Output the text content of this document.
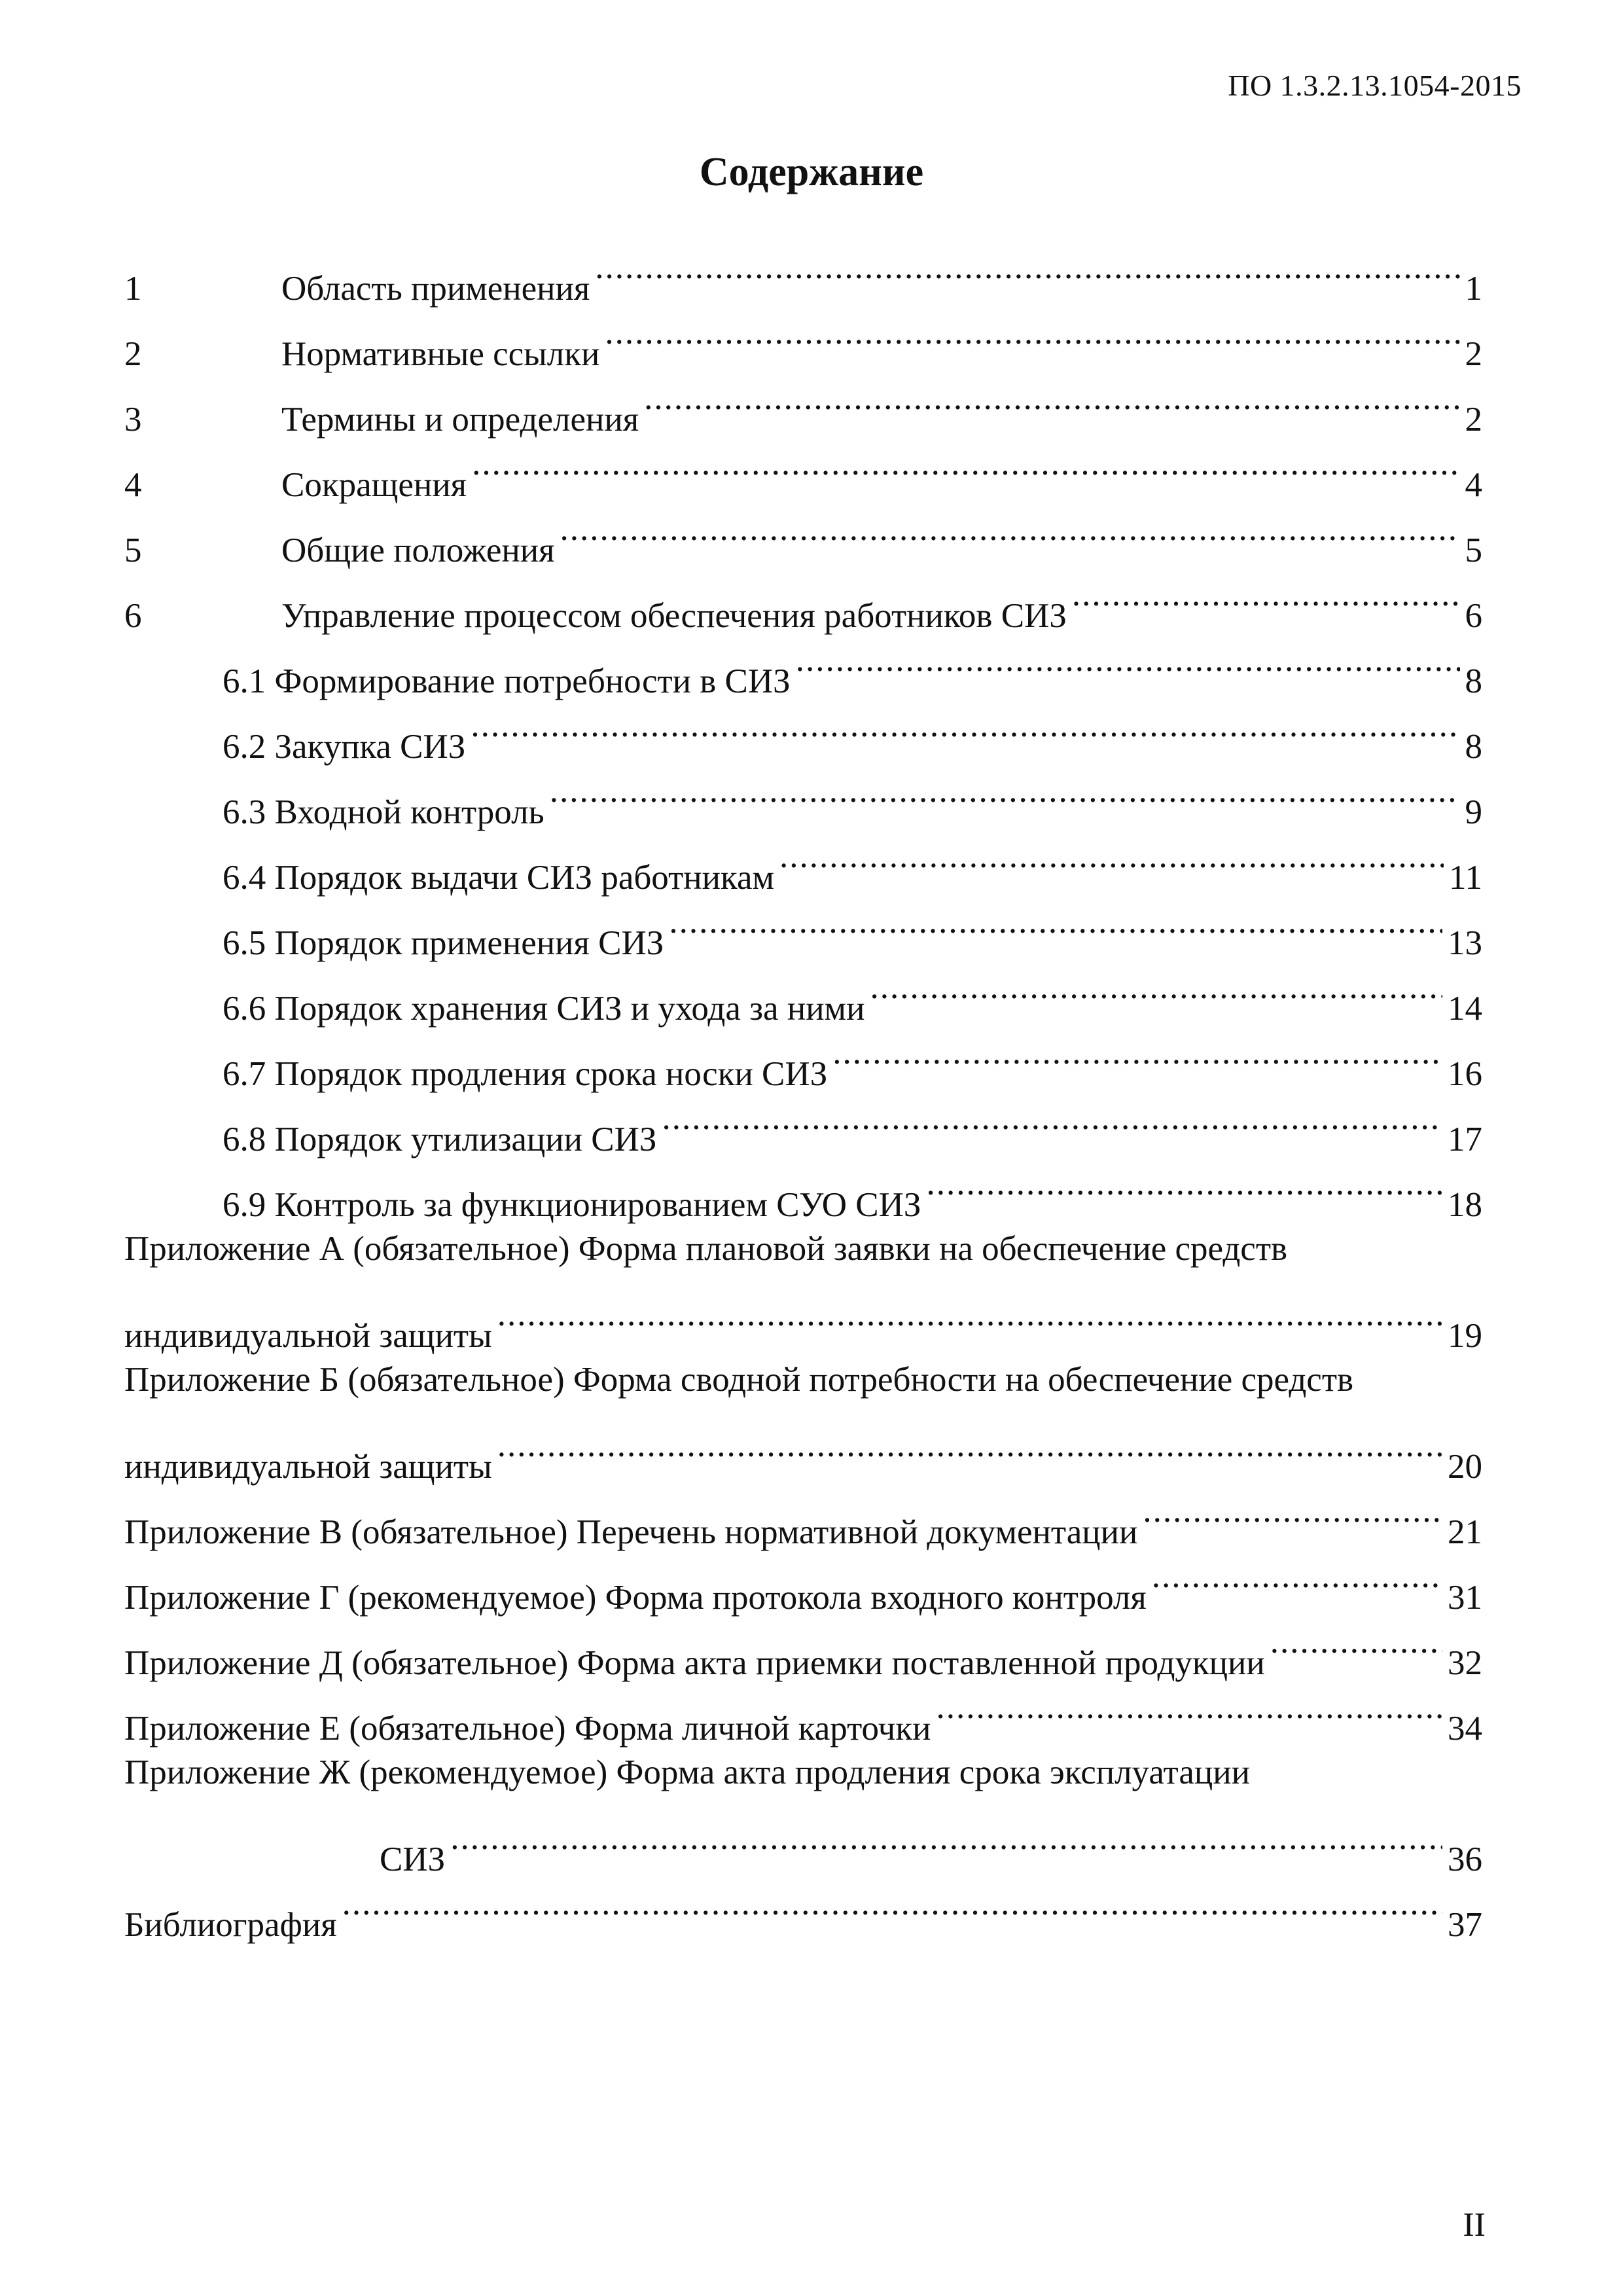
ПО 1.3.2.13.1054-2015
Содержание
1	Область применения .....	1
2	Нормативные ссылки .....	2
3	Термины и определения .....	2
4	Сокращения .....	4
5	Общие положения .....	5
6	Управление процессом обеспечения работников СИЗ .....	6
6.1 Формирование потребности в СИЗ .....	8
6.2 Закупка СИЗ .....	8
6.3 Входной контроль .....	9
6.4 Порядок выдачи СИЗ работникам .....	11
6.5 Порядок применения СИЗ .....	13
6.6 Порядок хранения СИЗ и ухода за ними .....	14
6.7 Порядок продления срока носки СИЗ .....	16
6.8 Порядок утилизации СИЗ .....	17
6.9 Контроль за функционированием СУО СИЗ .....	18
Приложение А (обязательное) Форма плановой заявки на обеспечение средств
индивидуальной защиты .....	19
Приложение Б (обязательное) Форма сводной потребности на обеспечение средств
индивидуальной защиты .....	20
Приложение В (обязательное) Перечень нормативной документации .....	21
Приложение Г (рекомендуемое) Форма протокола входного контроля .....	31
Приложение Д (обязательное) Форма акта приемки поставленной продукции .....	32
Приложение Е (обязательное) Форма личной карточки .....	34
Приложение Ж (рекомендуемое) Форма акта продления срока эксплуатации
СИЗ .....	36
Библиография .....	37
II
